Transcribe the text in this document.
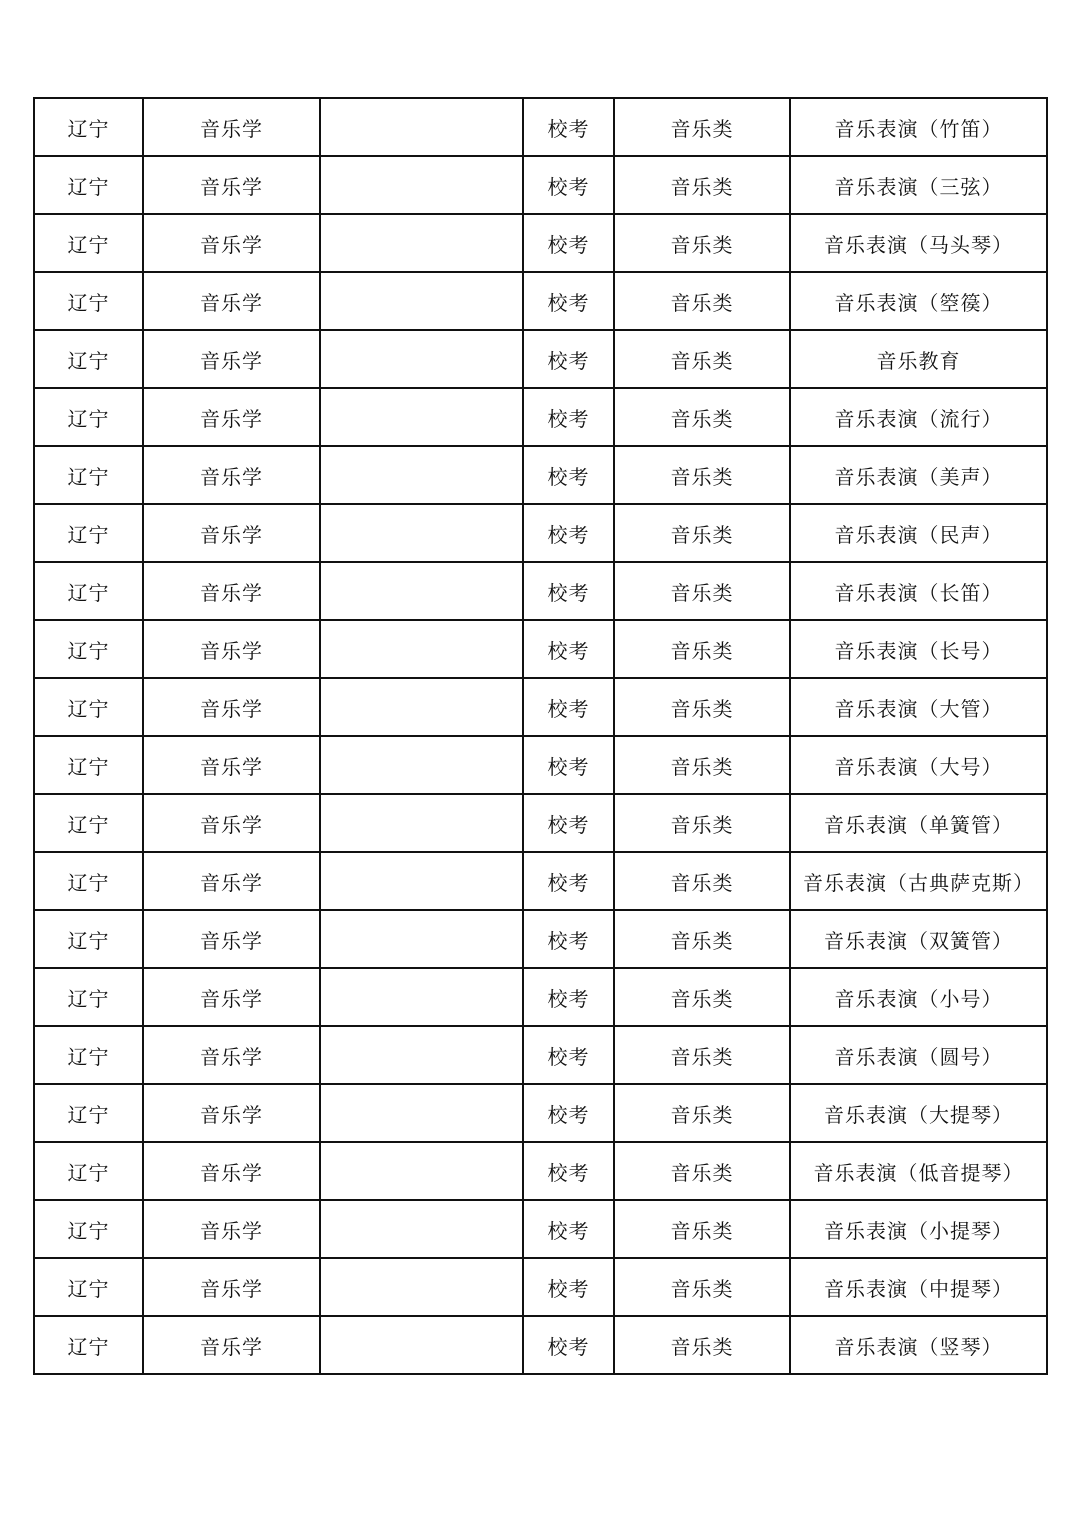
辽宁	音乐学		校考	音乐类	音乐表演（竹笛）
辽宁	音乐学		校考	音乐类	音乐表演（三弦）
辽宁	音乐学		校考	音乐类	音乐表演（马头琴）
辽宁	音乐学		校考	音乐类	音乐表演（箜篌）
辽宁	音乐学		校考	音乐类	音乐教育
辽宁	音乐学		校考	音乐类	音乐表演（流行）
辽宁	音乐学		校考	音乐类	音乐表演（美声）
辽宁	音乐学		校考	音乐类	音乐表演（民声）
辽宁	音乐学		校考	音乐类	音乐表演（长笛）
辽宁	音乐学		校考	音乐类	音乐表演（长号）
辽宁	音乐学		校考	音乐类	音乐表演（大管）
辽宁	音乐学		校考	音乐类	音乐表演（大号）
辽宁	音乐学		校考	音乐类	音乐表演（单簧管）
辽宁	音乐学		校考	音乐类	音乐表演（古典萨克斯）
辽宁	音乐学		校考	音乐类	音乐表演（双簧管）
辽宁	音乐学		校考	音乐类	音乐表演（小号）
辽宁	音乐学		校考	音乐类	音乐表演（圆号）
辽宁	音乐学		校考	音乐类	音乐表演（大提琴）
辽宁	音乐学		校考	音乐类	音乐表演（低音提琴）
辽宁	音乐学		校考	音乐类	音乐表演（小提琴）
辽宁	音乐学		校考	音乐类	音乐表演（中提琴）
辽宁	音乐学		校考	音乐类	音乐表演（竖琴）
